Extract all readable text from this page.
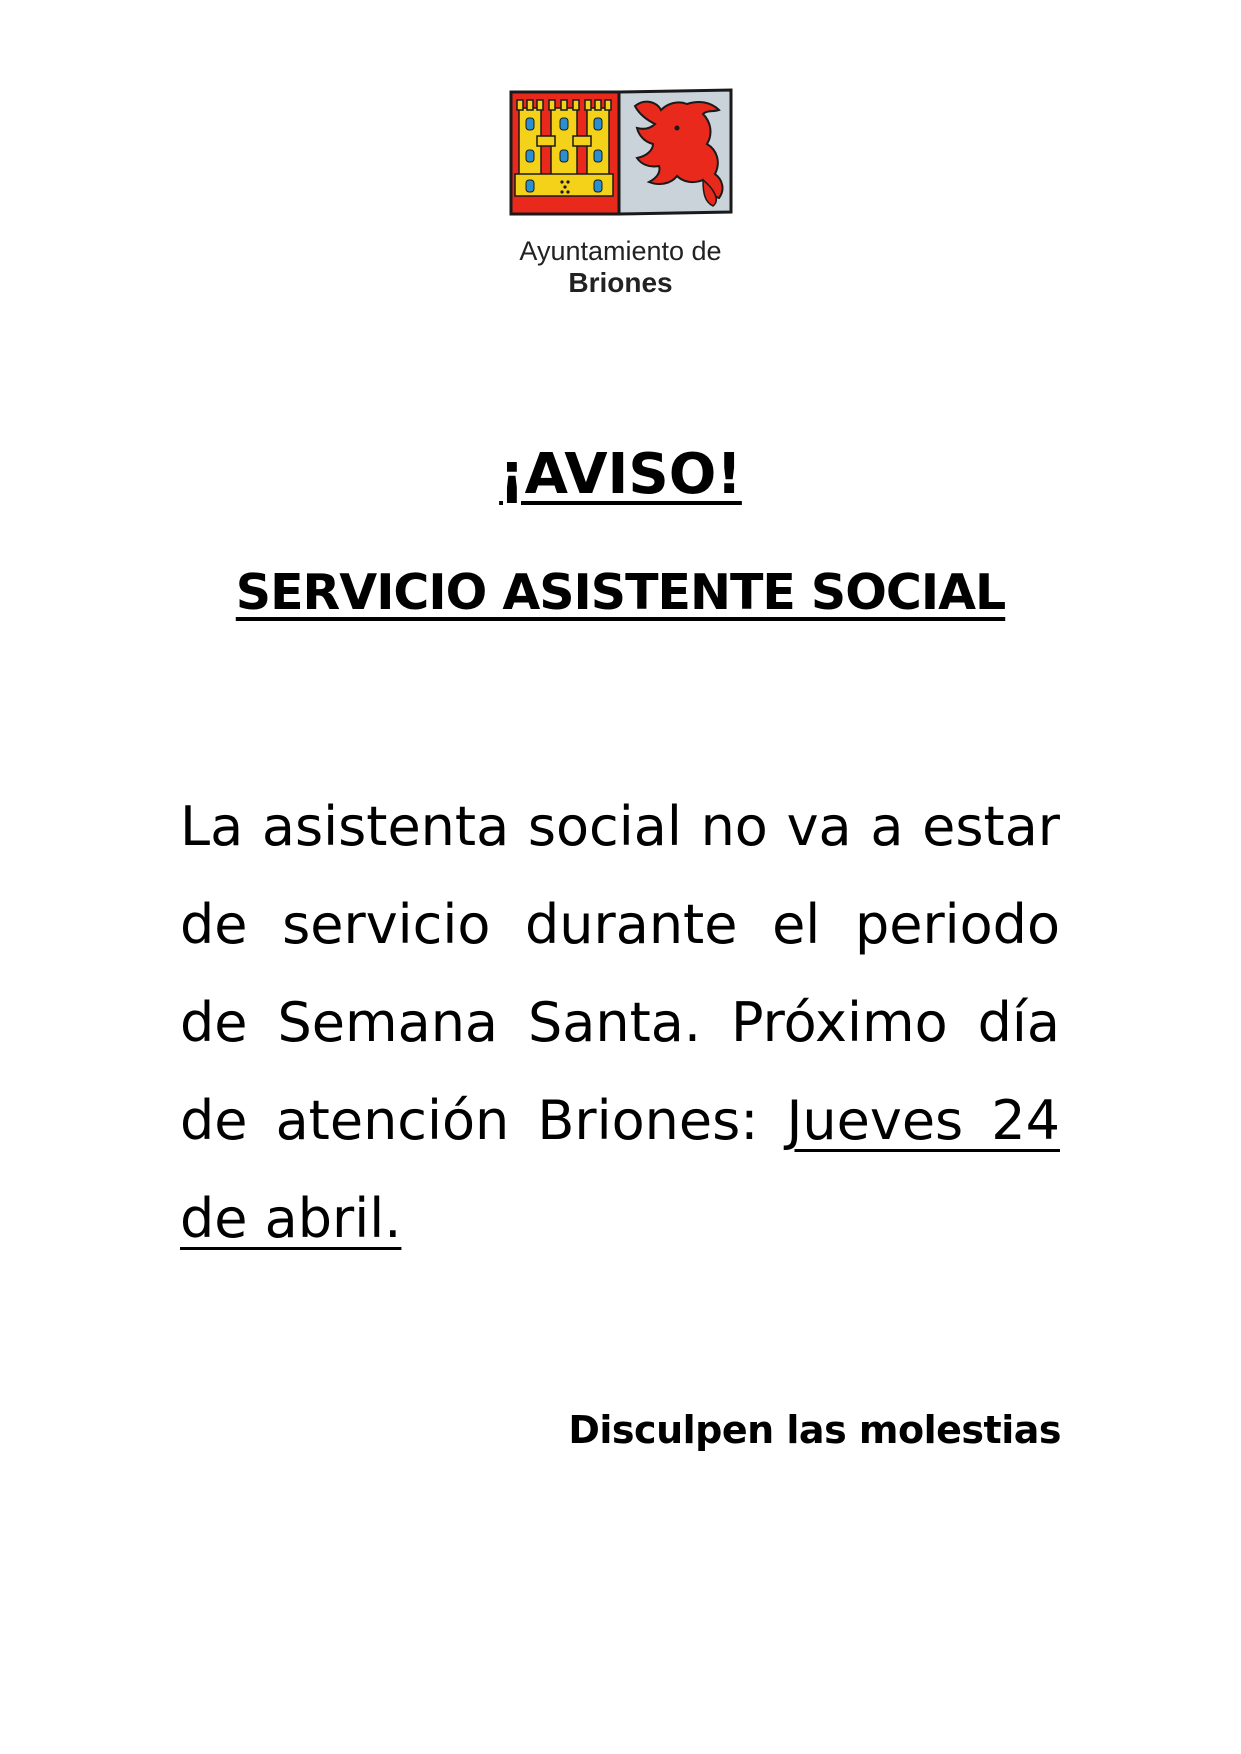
Ayuntamiento de
Briones
¡AVISO!
SERVICIO ASISTENTE SOCIAL

La asistenta social no va a estar de servicio durante el periodo de Semana Santa. Próximo día de atención Briones: Jueves 24 de abril.

Disculpen las molestias
